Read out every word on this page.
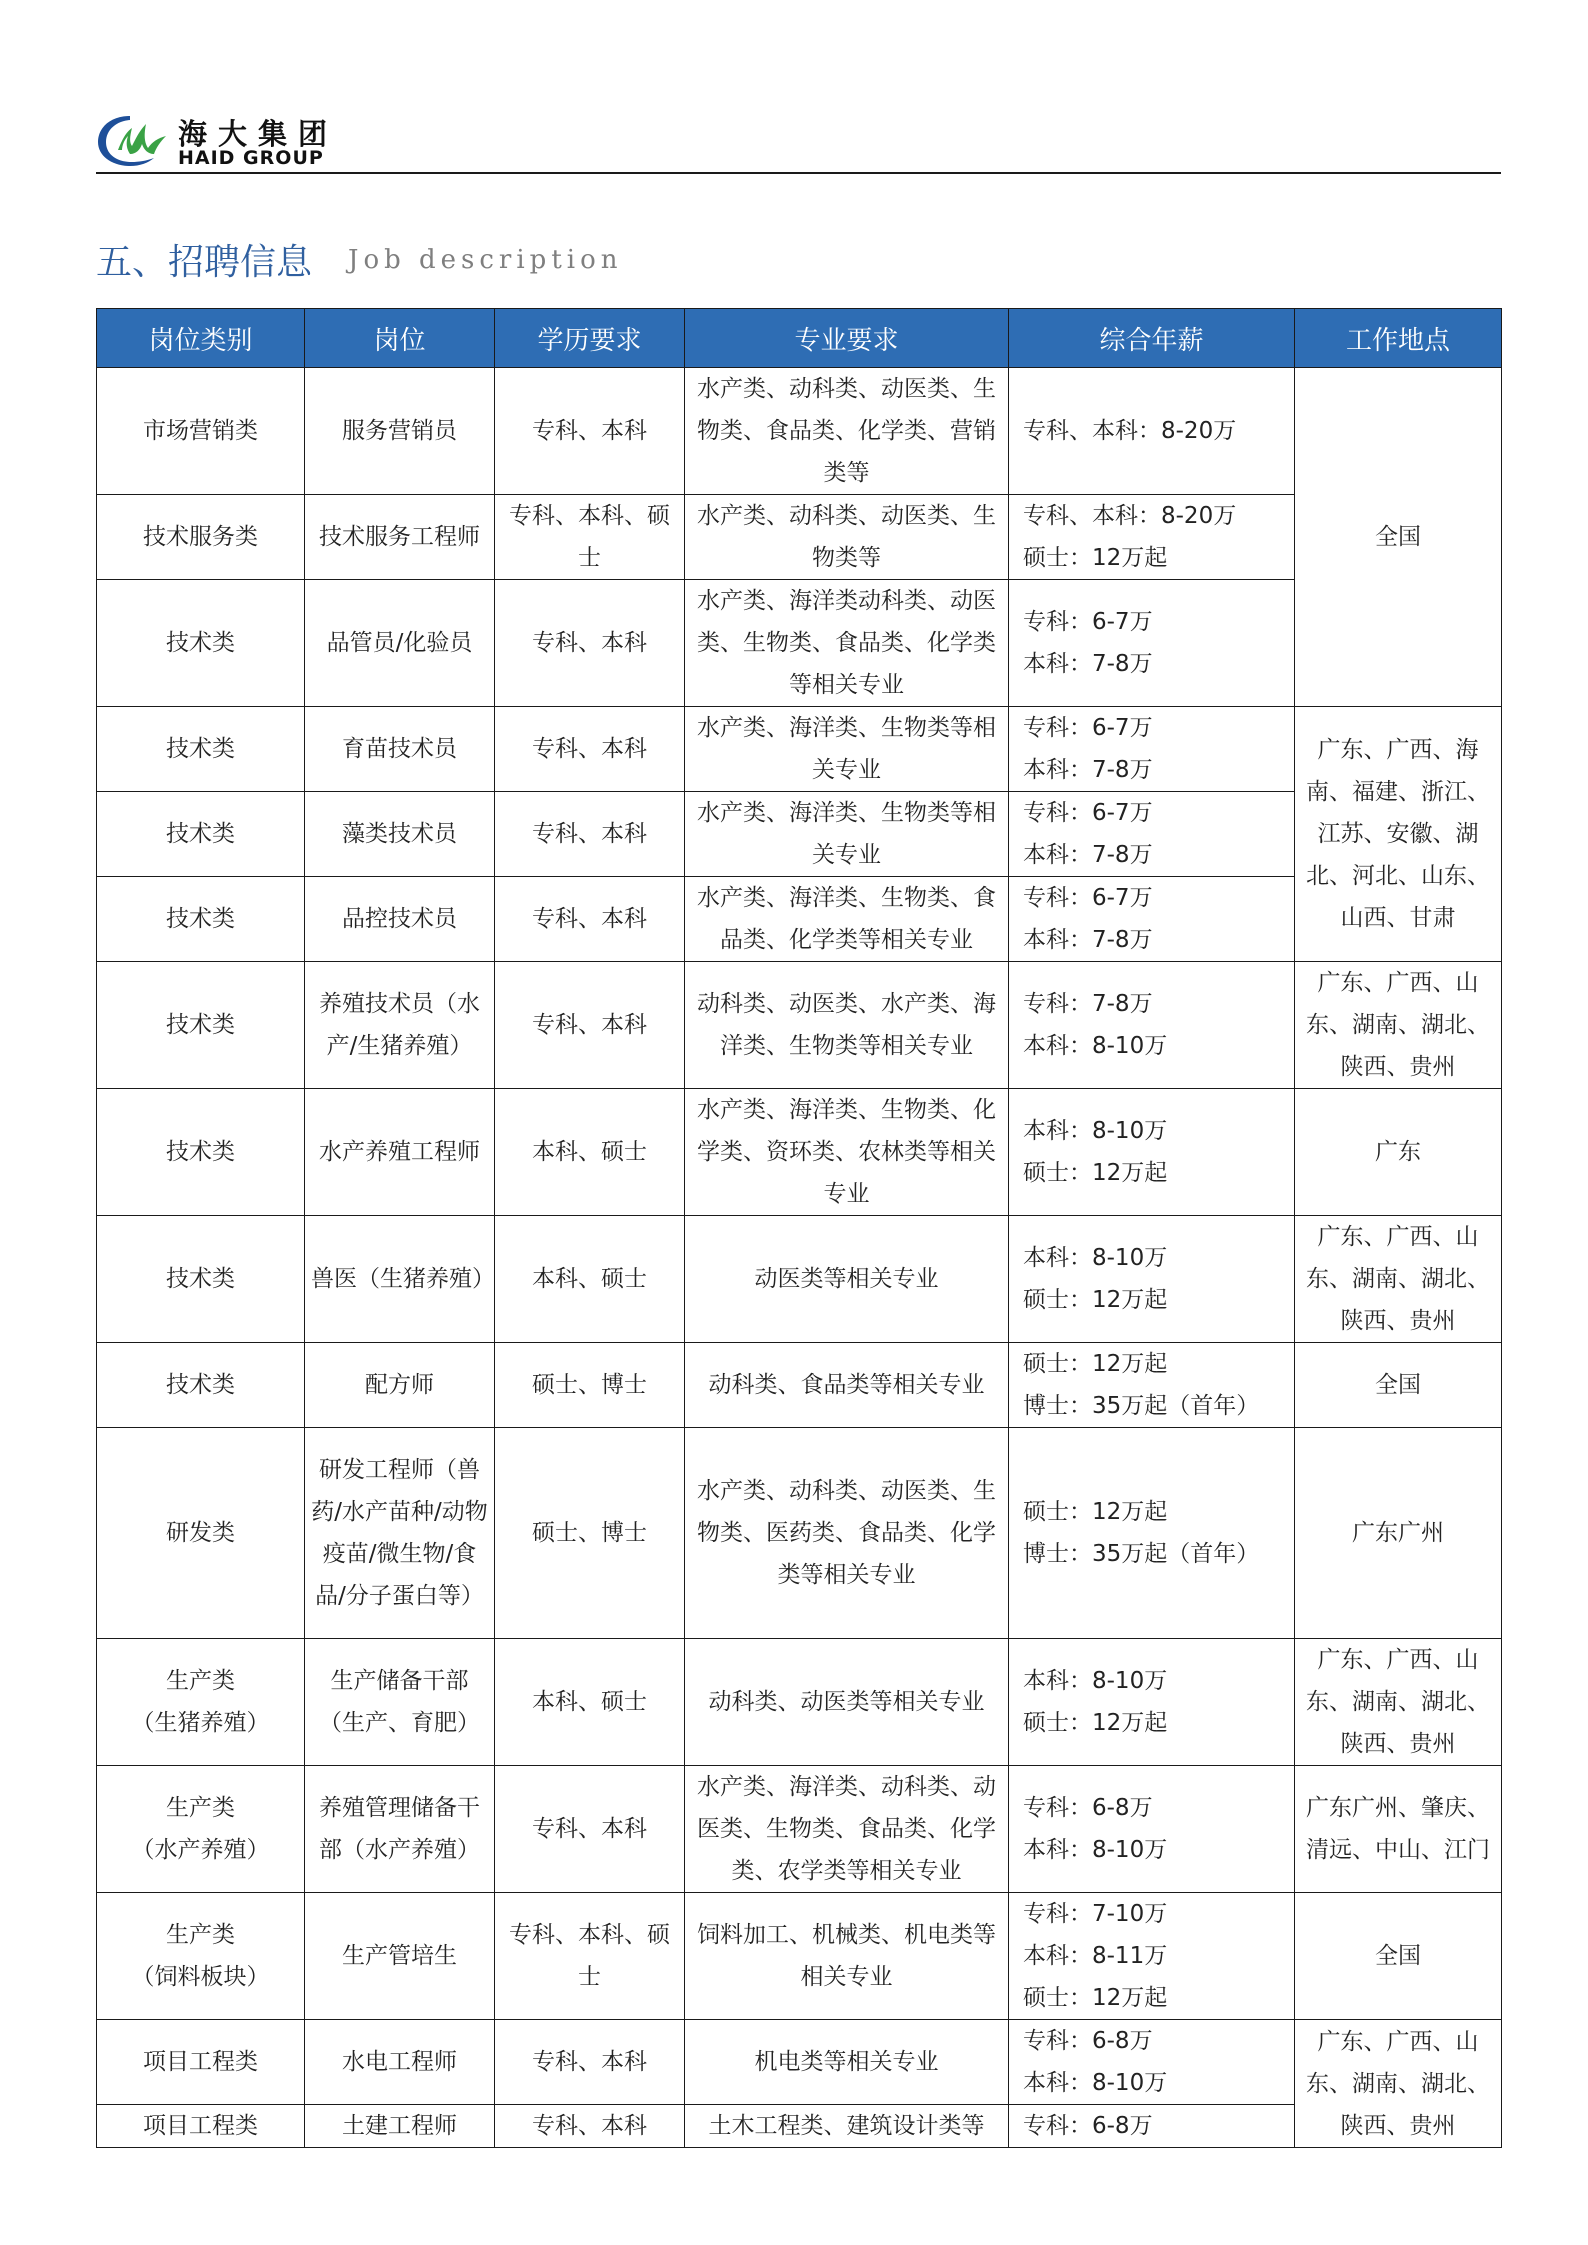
海大集团
HAID GROUP
五、招聘信息 Job description
岗位类别	岗位	学历要求	专业要求	综合年薪	工作地点
市场营销类	服务营销员	专科、本科	水产类、动科类、动医类、生物类、食品类、化学类、营销类等	专科、本科：8-20万	全国
技术服务类	技术服务工程师	专科、本科、硕士	水产类、动科类、动医类、生物类等	专科、本科：8-20万
硕士：12万起	
技术类	品管员/化验员	专科、本科	水产类、海洋类动科类、动医类、生物类、食品类、化学类等相关专业	专科：6-7万
本科：7-8万	
技术类	育苗技术员	专科、本科	水产类、海洋类、生物类等相关专业	专科：6-7万
本科：7-8万	广东、广西、海南、福建、浙江、江苏、安徽、湖北、河北、山东、山西、甘肃
技术类	藻类技术员	专科、本科	水产类、海洋类、生物类等相关专业	专科：6-7万
本科：7-8万	
技术类	品控技术员	专科、本科	水产类、海洋类、生物类、食品类、化学类等相关专业	专科：6-7万
本科：7-8万	
技术类	养殖技术员（水产/生猪养殖）	专科、本科	动科类、动医类、水产类、海洋类、生物类等相关专业	专科：7-8万
本科：8-10万	广东、广西、山东、湖南、湖北、陕西、贵州
技术类	水产养殖工程师	本科、硕士	水产类、海洋类、生物类、化学类、资环类、农林类等相关专业	本科：8-10万
硕士：12万起	广东
技术类	兽医（生猪养殖）	本科、硕士	动医类等相关专业	本科：8-10万
硕士：12万起	广东、广西、山东、湖南、湖北、陕西、贵州
技术类	配方师	硕士、博士	动科类、食品类等相关专业	硕士：12万起
博士：35万起（首年）	全国
研发类	研发工程师（兽药/水产苗种/动物疫苗/微生物/食品/分子蛋白等）	硕士、博士	水产类、动科类、动医类、生物类、医药类、食品类、化学类等相关专业	硕士：12万起
博士：35万起（首年）	广东广州
生产类
（生猪养殖）	生产储备干部（生产、育肥）	本科、硕士	动科类、动医类等相关专业	本科：8-10万
硕士：12万起	广东、广西、山东、湖南、湖北、陕西、贵州
生产类
（水产养殖）	养殖管理储备干部（水产养殖）	专科、本科	水产类、海洋类、动科类、动医类、生物类、食品类、化学类、农学类等相关专业	专科：6-8万
本科：8-10万	广东广州、肇庆、清远、中山、江门
生产类
（饲料板块）	生产管培生	专科、本科、硕士	饲料加工、机械类、机电类等相关专业	专科：7-10万
本科：8-11万
硕士：12万起	全国
项目工程类	水电工程师	专科、本科	机电类等相关专业	专科：6-8万
本科：8-10万	广东、广西、山东、湖南、湖北、陕西、贵州
项目工程类	土建工程师	专科、本科	土木工程类、建筑设计类等	专科：6-8万	
